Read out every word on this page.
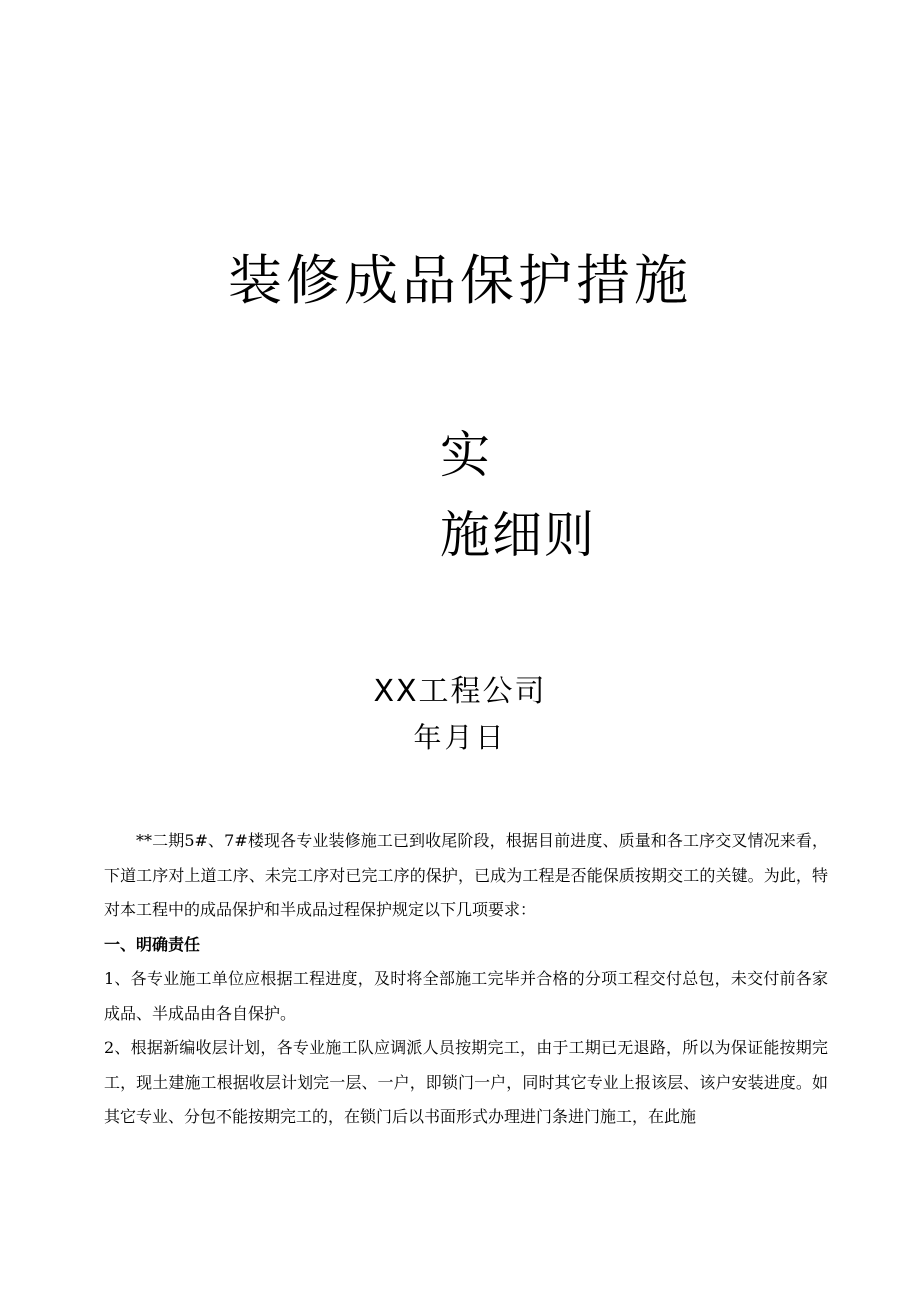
装修成品保护措施
实
施细则
XX工程公司
年月日

**二期5#、7#楼现各专业装修施工已到收尾阶段，根据目前进度、质量和各工序交叉情况来看，下道工序对上道工序、未完工序对已完工序的保护，已成为工程是否能保质按期交工的关键。为此，特对本工程中的成品保护和半成品过程保护规定以下几项要求：

一、明确责任

1、各专业施工单位应根据工程进度，及时将全部施工完毕并合格的分项工程交付总包，未交付前各家成品、半成品由各自保护。

2、根据新编收层计划，各专业施工队应调派人员按期完工，由于工期已无退路，所以为保证能按期完工，现土建施工根据收层计划完一层、一户，即锁门一户，同时其它专业上报该层、该户安装进度。如其它专业、分包不能按期完工的，在锁门后以书面形式办理进门条进门施工，在此施
